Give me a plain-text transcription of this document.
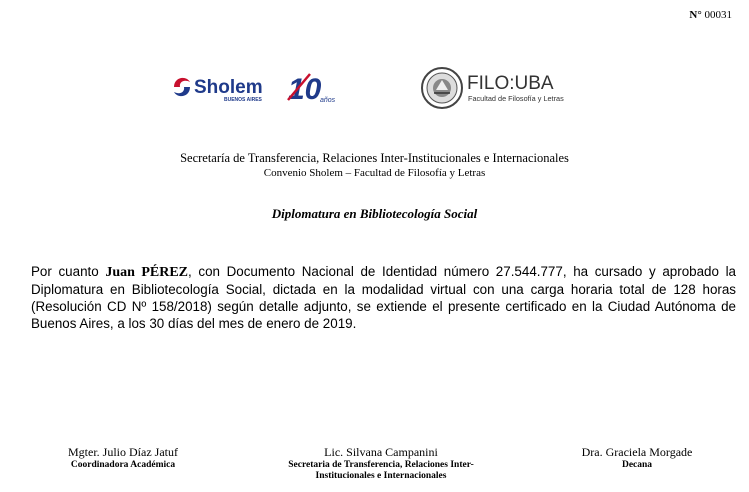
N° 00031
Sholem
BUENOS AIRES 10
años
FILO:UBA
Facultad de Filosofía y Letras
Secretaría de Transferencia, Relaciones Inter-Institucionales e Internacionales
Convenio Sholem – Facultad de Filosofía y Letras
Diplomatura en Bibliotecología Social
Por cuanto Juan PÉREZ, con Documento Nacional de Identidad número 27.544.777, ha cursado y aprobado la Diplomatura en Bibliotecología Social, dictada en la modalidad virtual con una carga horaria total de 128 horas (Resolución CD Nº 158/2018) según detalle adjunto, se extiende el presente certificado en la Ciudad Autónoma de Buenos Aires, a los 30 días del mes de enero de 2019.
Mgter. Julio Díaz Jatuf
Coordinadora Académica
Lic. Silvana Campanini
Secretaria de Transferencia, Relaciones Inter-Institucionales e Internacionales
Dra. Graciela Morgade
Decana
